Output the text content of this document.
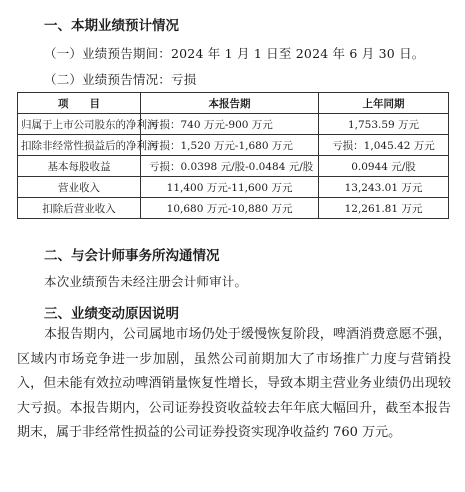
一、本期业绩预计情况
（一）业绩预告期间：2024 年 1 月 1 日至 2024 年 6 月 30 日。
（二）业绩预告情况：亏损
项　　目	本报告期	上年同期
归属于上市公司股东的净利润	亏损：740 万元-900 万元	1,753.59 万元
扣除非经常性损益后的净利润	亏损：1,520 万元-1,680 万元	亏损：1,045.42 万元
基本每股收益	亏损：0.0398 元/股-0.0484 元/股	0.0944 元/股
营业收入	11,400 万元-11,600 万元	13,243.01 万元
扣除后营业收入	10,680 万元-10,880 万元	12,261.81 万元
二、与会计师事务所沟通情况
本次业绩预告未经注册会计师审计。
三、业绩变动原因说明
本报告期内，公司属地市场仍处于缓慢恢复阶段，啤酒消费意愿不强，区域内市场竞争进一步加剧，虽然公司前期加大了市场推广力度与营销投入，但未能有效拉动啤酒销量恢复性增长，导致本期主营业务业绩仍出现较大亏损。本报告期内，公司证券投资收益较去年年底大幅回升，截至本报告期末，属于非经常性损益的公司证券投资实现净收益约 760 万元。
